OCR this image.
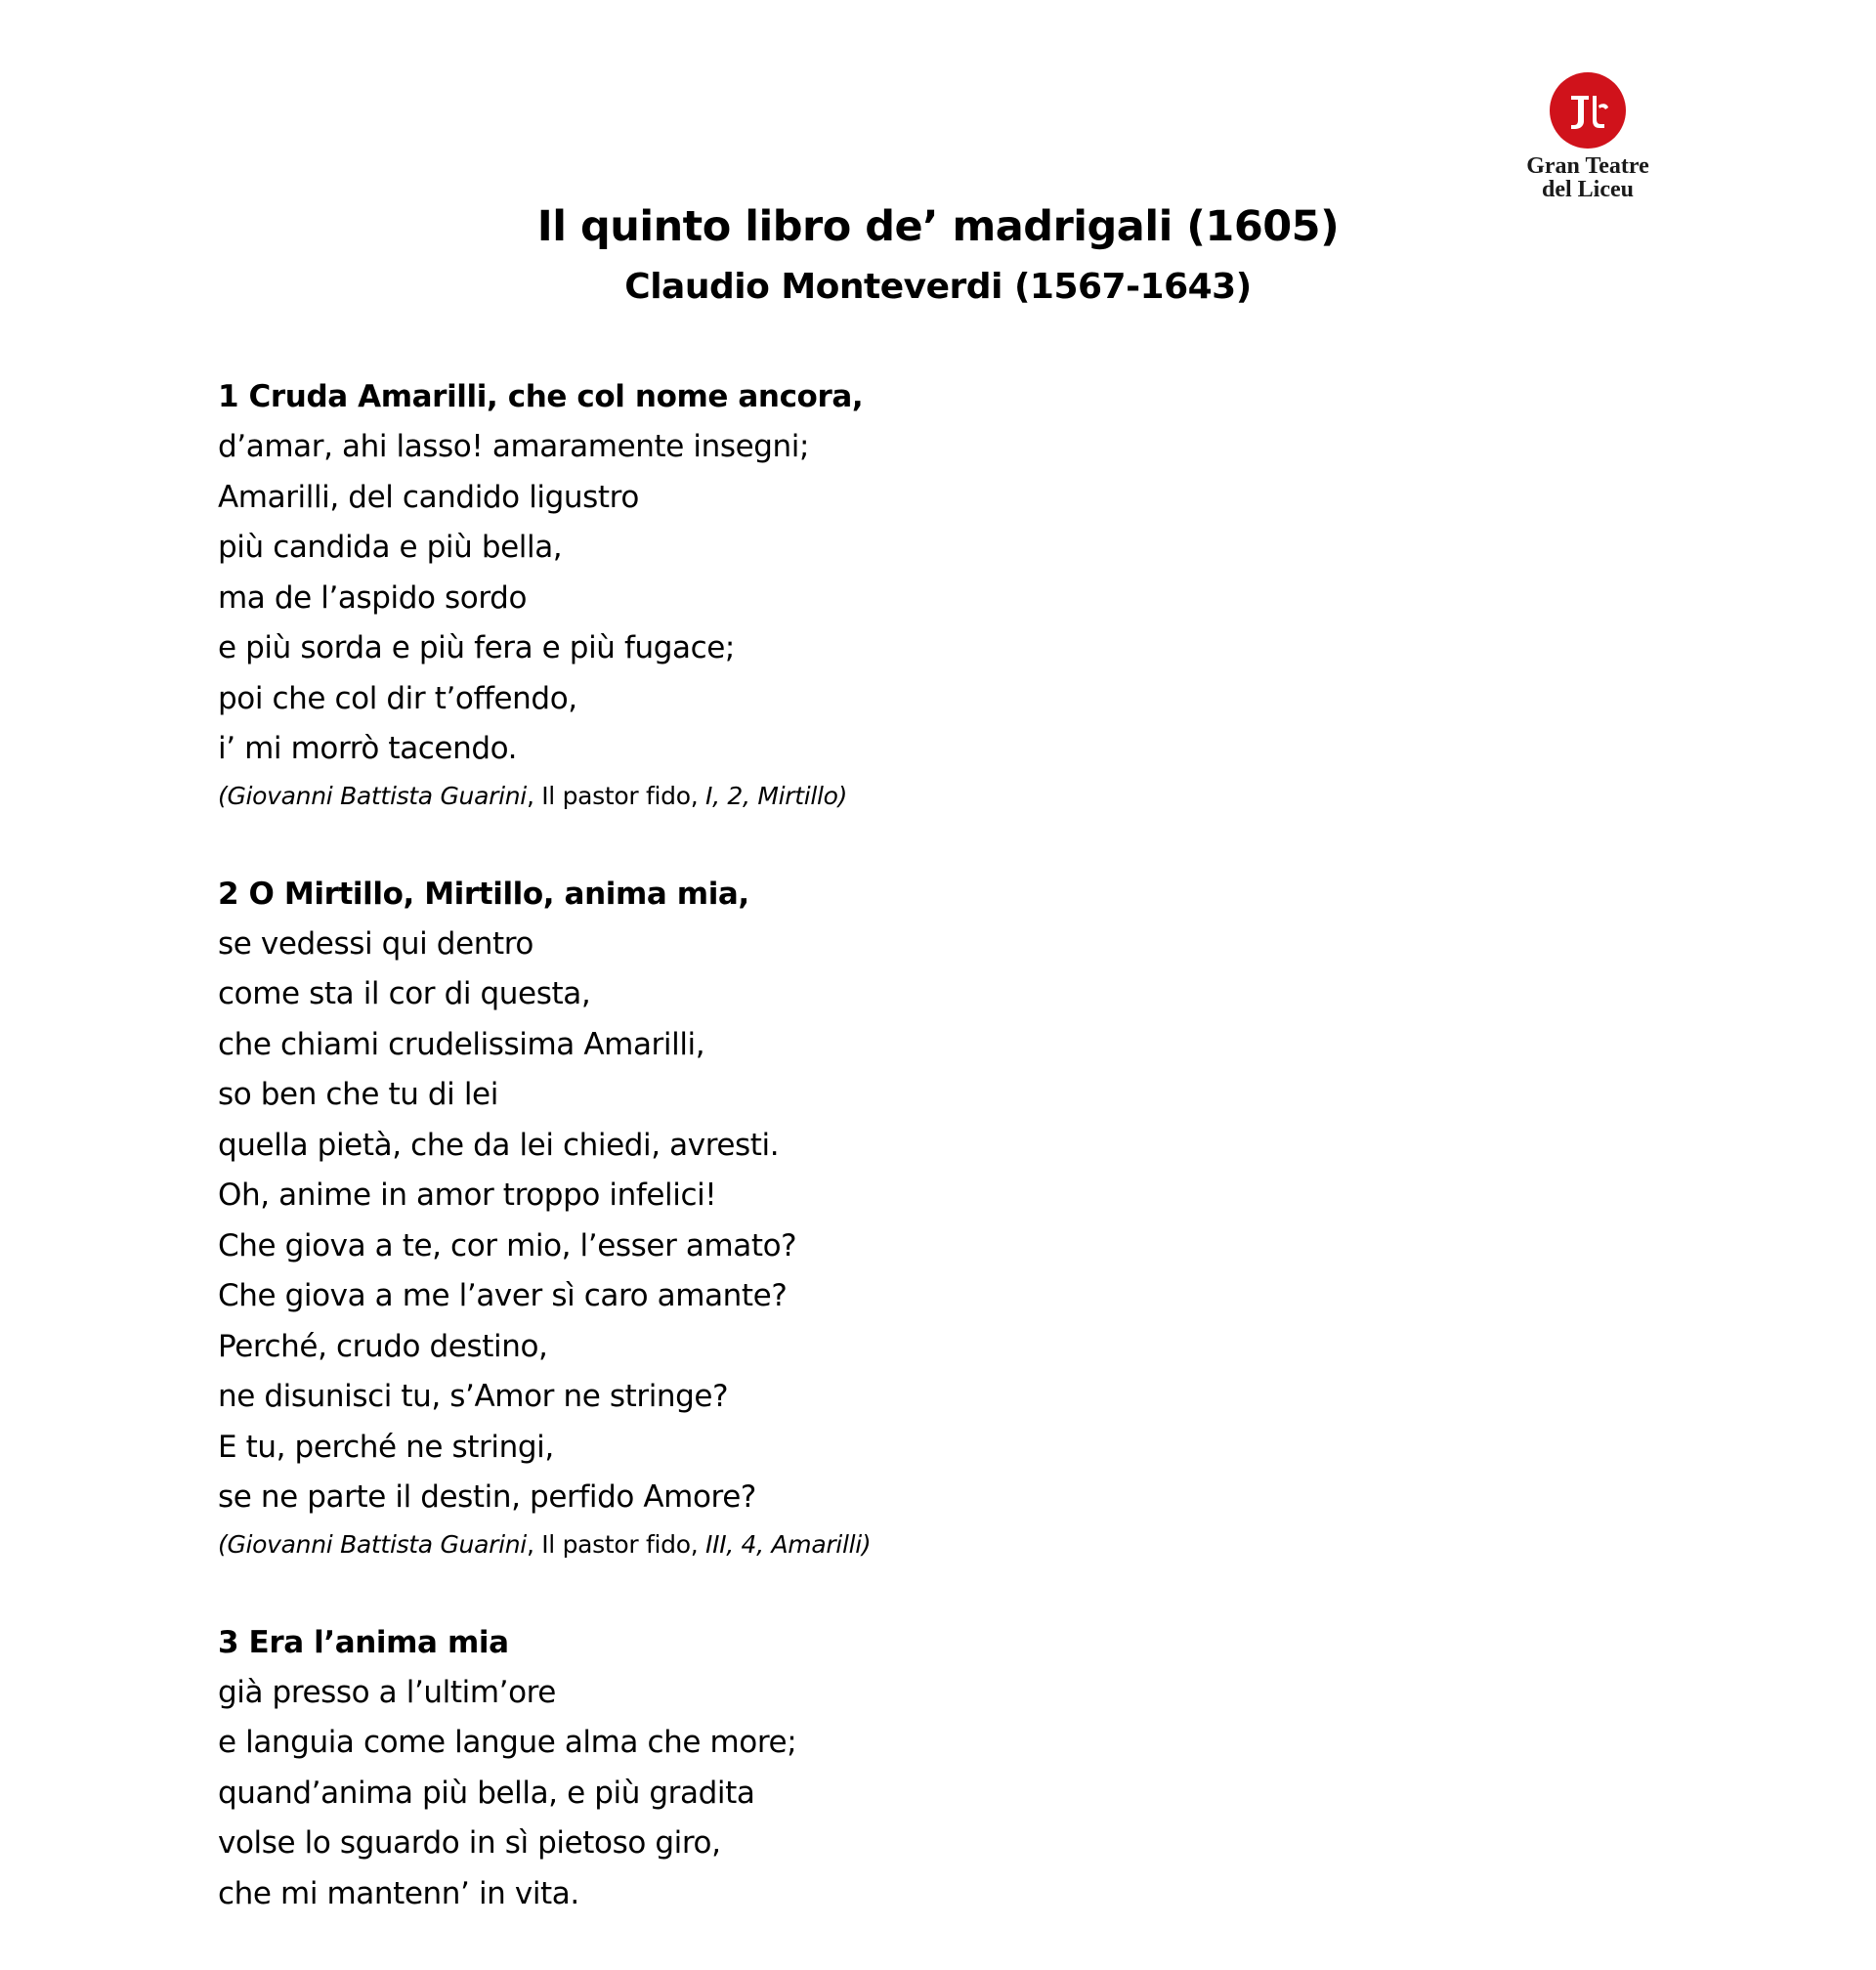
Gran Teatre
del Liceu
Il quinto libro de’ madrigali (1605)
Claudio Monteverdi (1567-1643)

1 Cruda Amarilli, che col nome ancora,

d’amar, ahi lasso! amaramente insegni;

Amarilli, del candido ligustro

più candida e più bella,

ma de l’aspido sordo

e più sorda e più fera e più fugace;

poi che col dir t’offendo,

i’ mi morrò tacendo.

(Giovanni Battista Guarini, Il pastor fido, I, 2, Mirtillo)

2 O Mirtillo, Mirtillo, anima mia,

se vedessi qui dentro

come sta il cor di questa,

che chiami crudelissima Amarilli,

so ben che tu di lei

quella pietà, che da lei chiedi, avresti.

Oh, anime in amor troppo infelici!

Che giova a te, cor mio, l’esser amato?

Che giova a me l’aver sì caro amante?

Perché, crudo destino,

ne disunisci tu, s’Amor ne stringe?

E tu, perché ne stringi,

se ne parte il destin, perfido Amore?

(Giovanni Battista Guarini, Il pastor fido, III, 4, Amarilli)

3 Era l’anima mia

già presso a l’ultim’ore

e languia come langue alma che more;

quand’anima più bella, e più gradita

volse lo sguardo in sì pietoso giro,

che mi mantenn’ in vita.
